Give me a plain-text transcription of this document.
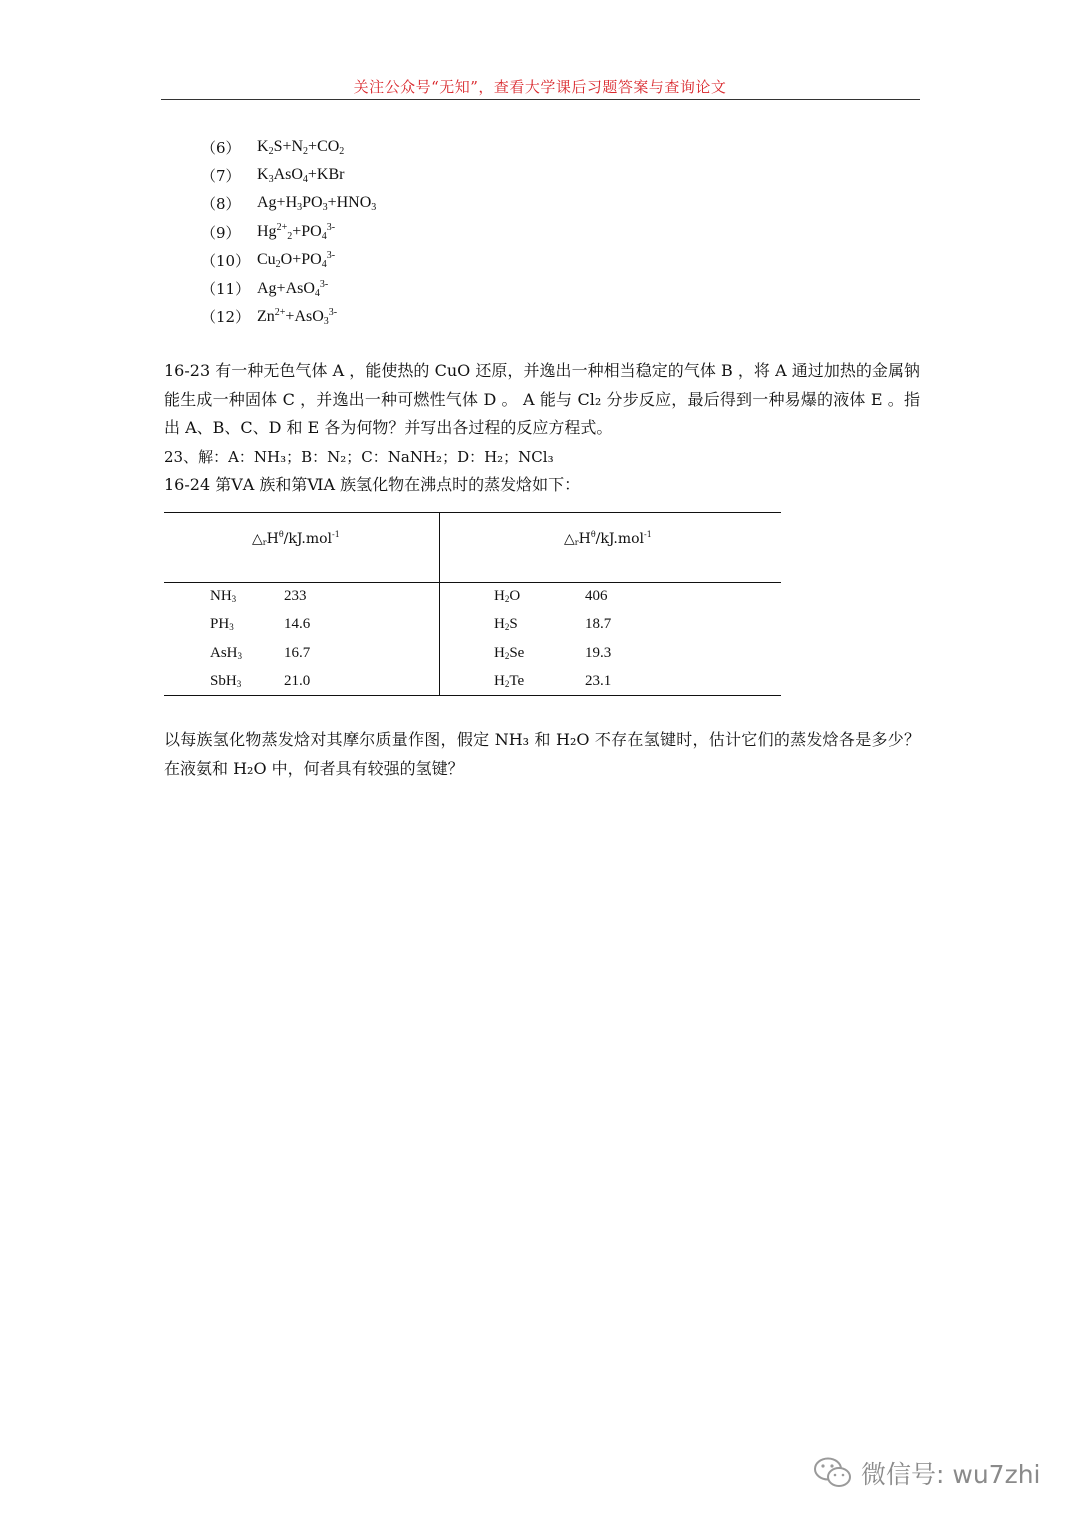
关注公众号“无知”，查看大学课后习题答案与查询论文
（6）	$K_2S+N_2+CO_2$
（7）	$K_3AsO_4+KBr$
（8）	$Ag+H_3PO_3+HNO_3$
（9）	$Hg^{2+}_2+PO_4^{3-}$
（10） $Cu_2O+PO_4^{3-}$
（11） Ag+AsO$_4^{3-}$
（12） $Zn^{2+}+AsO_3^{3-}$
16-23 有一种无色气体 A ，能使热的 CuO 还原，并逸出一种相当稳定的气体 B ，将 A 通过加热的金属钠能生成一种固体 C ，并逸出一种可燃性气体 D 。 A 能与 Cl₂ 分步反应，最后得到一种易爆的液体 E 。指出 A、B、C、D 和 E 各为何物？并写出各过程的反应方程式。
23、解：A：NH₃；B：N₂；C：NaNH₂；D：H₂；NCl₃
16-24 第ⅤA 族和第ⅥA 族氢化物在沸点时的蒸发焓如下：
$\triangle_rH^\theta/kJ.mol^{-1}$	$\triangle_rH^\theta/kJ.mol^{-1}$
$NH_3$	233	$H_2O$	406
$PH_3$	14.6	$H_2S$	18.7
AsH$_3$	16.7	$H_2Se$	19.3
SbH$_3$	21.0	$H_2Te$	23.1
以每族氢化物蒸发焓对其摩尔质量作图，假定 NH₃ 和 H₂O 不存在氢键时，估计它们的蒸发焓各是多少？在液氨和 H₂O 中，何者具有较强的氢键？
微信号: wu7zhi
